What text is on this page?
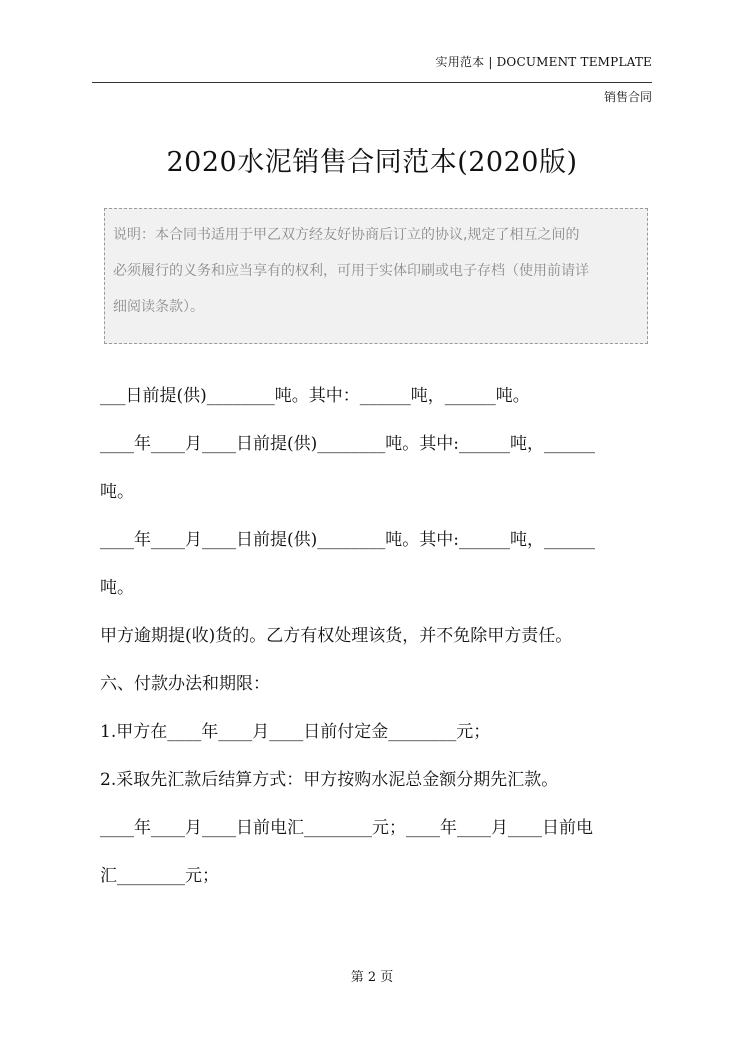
实用范本 | DOCUMENT TEMPLATE
销售合同
2020水泥销售合同范本(2020版)
说明：本合同书适用于甲乙双方经友好协商后订立的协议,规定了相互之间的
必须履行的义务和应当享有的权利，可用于实体印刷或电子存档（使用前请详
细阅读条款）。
___日前提(供)________吨。其中：______吨，______吨。
____年____月____日前提(供)________吨。其中:______吨，______
吨。
____年____月____日前提(供)________吨。其中:______吨，______
吨。
甲方逾期提(收)货的。乙方有权处理该货，并不免除甲方责任。
六、付款办法和期限：
1.甲方在____年____月____日前付定金________元；
2.采取先汇款后结算方式：甲方按购水泥总金额分期先汇款。
____年____月____日前电汇________元；____年____月____日前电
汇________元；
第 2 页
